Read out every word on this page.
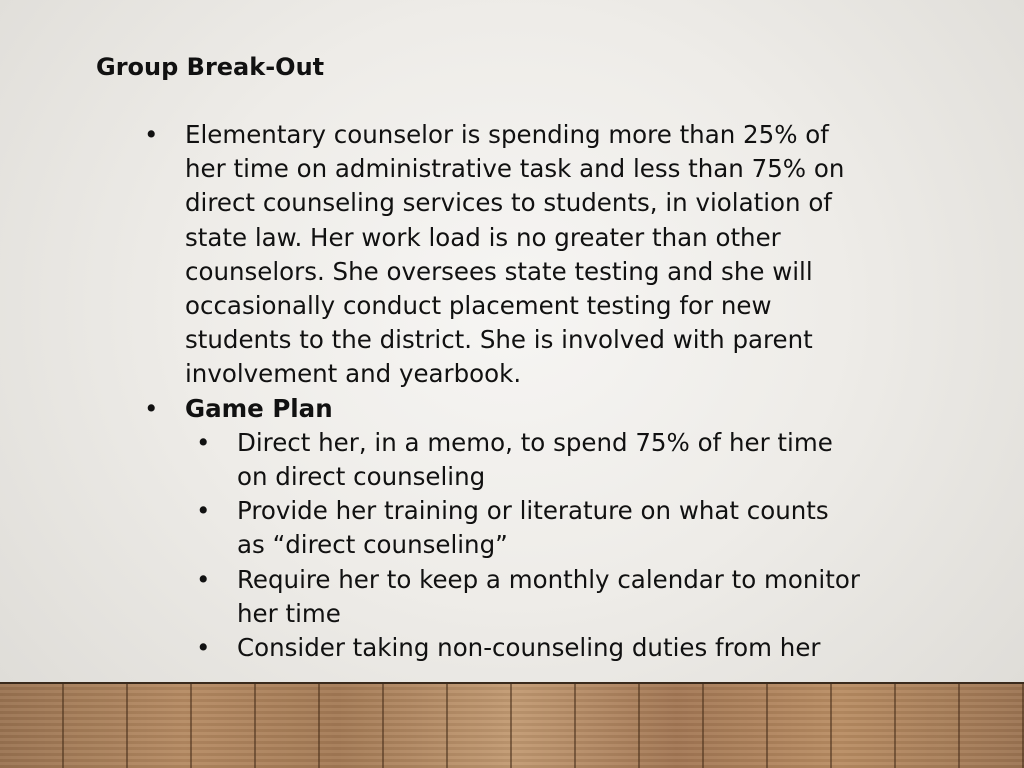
Group Break-Out
• Elementary counselor is spending more than 25% of her time on administrative task and less than 75% on direct counseling services to students, in violation of state law. Her work load is no greater than other counselors. She oversees state testing and she will occasionally conduct placement testing for new students to the district. She is involved with parent involvement and yearbook.
• Game Plan
• Direct her, in a memo, to spend 75% of her time on direct counseling
• Provide her training or literature on what counts as “direct counseling”
• Require her to keep a monthly calendar to monitor her time
• Consider taking non-counseling duties from her
